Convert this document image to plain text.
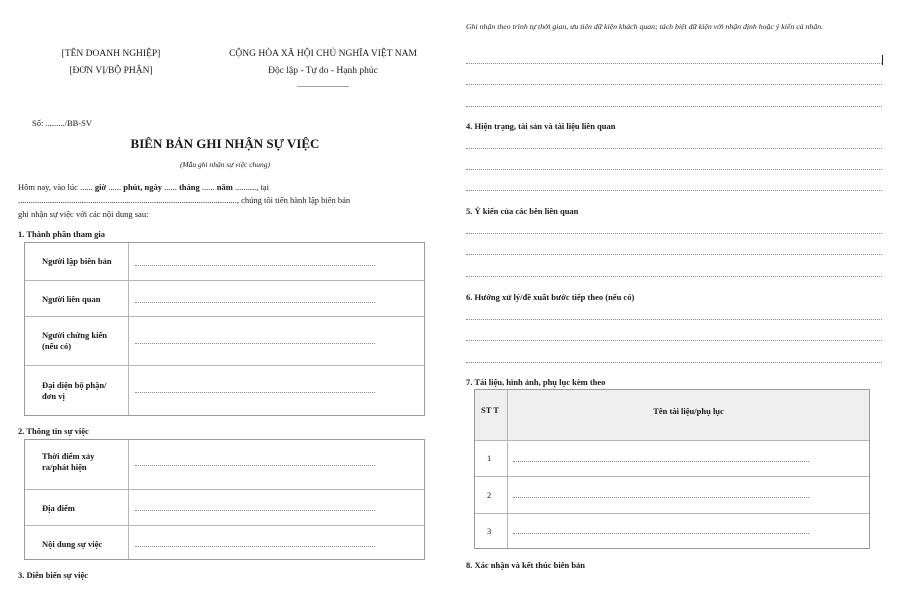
[TÊN DOANH NGHIỆP]
[ĐƠN VỊ/BỘ PHẬN]
CỘNG HÒA XÃ HỘI CHỦ NGHĨA VIỆT NAM
Độc lập - Tự do - Hạnh phúc
_____________
Số: ........./BB-SV
BIÊN BẢN GHI NHẬN SỰ VIỆC
(Mẫu ghi nhận sự việc chung)
Hôm nay, vào lúc ...... giờ ...... phút, ngày ...... tháng ...... năm .........., tại
......................................................................................................., chúng tôi tiến hành lập biên bản
ghi nhận sự việc với các nội dung sau:
1. Thành phần tham gia
Người lập biên bản
Người liên quan
Người chứng kiến (nếu có)
Đại diện bộ phận/đơn vị
2. Thông tin sự việc
Thời điểm xảy ra/phát hiện
Địa điểm
Nội dung sự việc
3. Diễn biến sự việc
Ghi nhận theo trình tự thời gian, ưu tiên dữ kiện khách quan; tách biệt dữ kiện với nhận định hoặc ý kiến cá nhân.
4. Hiện trạng, tài sản và tài liệu liên quan
5. Ý kiến của các bên liên quan
6. Hướng xử lý/đề xuất bước tiếp theo (nếu có)
7. Tài liệu, hình ảnh, phụ lục kèm theo
ST T	Tên tài liệu/phụ lục
1
2
3
8. Xác nhận và kết thúc biên bản
